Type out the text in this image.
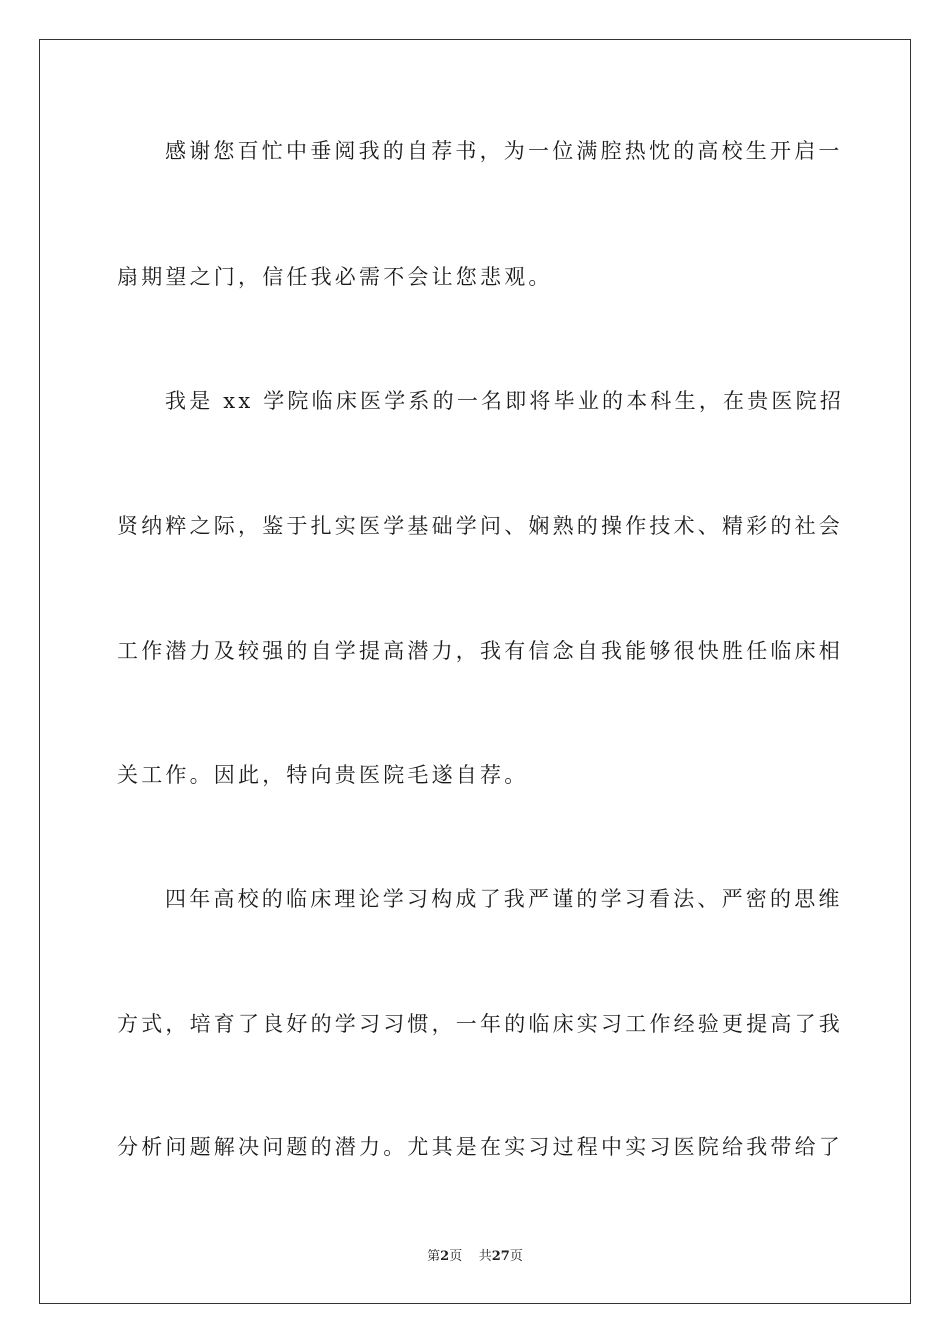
感谢您百忙中垂阅我的自荐书，为一位满腔热忱的高校生开启一
扇期望之门，信任我必需不会让您悲观。
我是 xx 学院临床医学系的一名即将毕业的本科生，在贵医院招
贤纳粹之际，鉴于扎实医学基础学问、娴熟的操作技术、精彩的社会
工作潜力及较强的自学提高潜力，我有信念自我能够很快胜任临床相
关工作。因此，特向贵医院毛遂自荐。
四年高校的临床理论学习构成了我严谨的学习看法、严密的思维
方式，培育了良好的学习习惯，一年的临床实习工作经验更提高了我
分析问题解决问题的潜力。尤其是在实习过程中实习医院给我带给了
第2页 共27页
